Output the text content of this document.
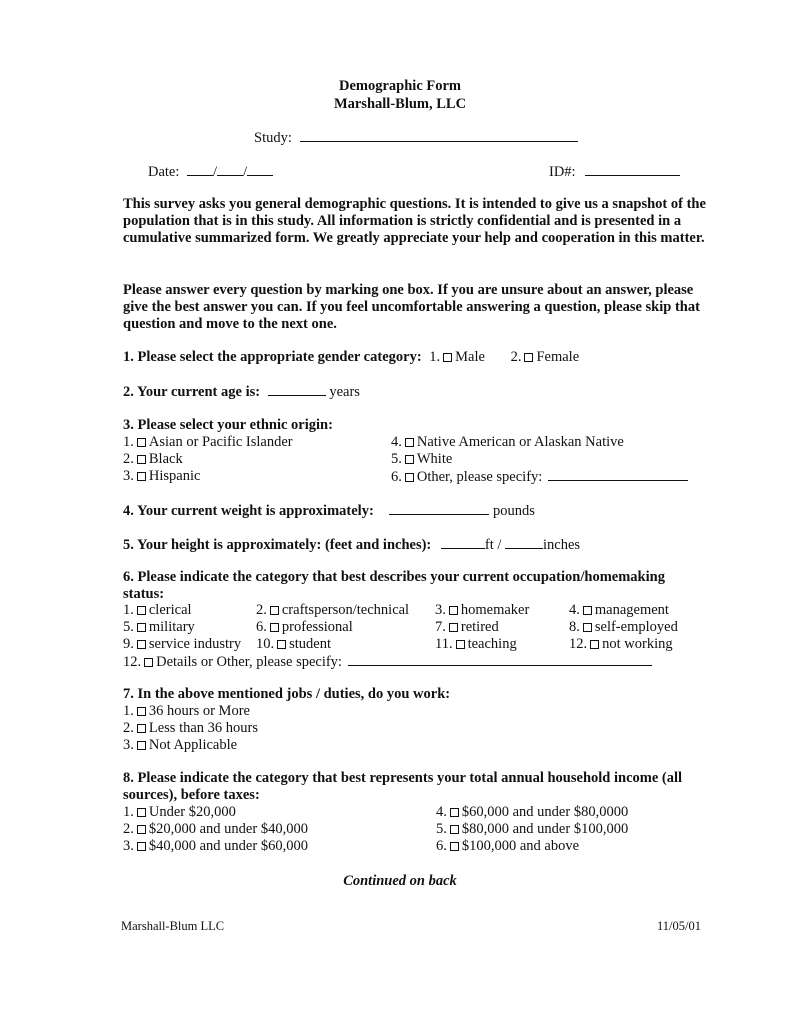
Demographic Form
Marshall-Blum, LLC
Study:
Date: / /	ID#:
This survey asks you general demographic questions. It is intended to give us a snapshot of the population that is in this study. All information is strictly confidential and is presented in a cumulative summarized form. We greatly appreciate your help and cooperation in this matter.
Please answer every question by marking one box. If you are unsure about an answer, please give the best answer you can. If you feel uncomfortable answering a question, please skip that question and move to the next one.
1. Please select the appropriate gender category: 1. Male 2. Female
2. Your current age is:	years
3. Please select your ethnic origin:
1. Asian or Pacific Islander
2. Black
3. Hispanic
4. Native American or Alaskan Native
5. White
6. Other, please specify:
4. Your current weight is approximately:	pounds
5. Your height is approximately: (feet and inches):	ft /	inches
6. Please indicate the category that best describes your current occupation/homemaking
status:
1. clerical	2. craftsperson/technical 3. homemaker	4. management
5. military	6. professional	7. retired	8. self-employed
9. service industry 10. student	11. teaching	12. not working
12. Details or Other, please specify:
7. In the above mentioned jobs / duties, do you work:
1. 36 hours or More
2. Less than 36 hours
3. Not Applicable
8. Please indicate the category that best represents your total annual household income (all
sources), before taxes:
1. Under $20,000
2. $20,000 and under $40,000
3. $40,000 and under $60,000
4. $60,000 and under $80,0000
5. $80,000 and under $100,000
6. $100,000 and above
Continued on back
Marshall-Blum LLC	11/05/01
